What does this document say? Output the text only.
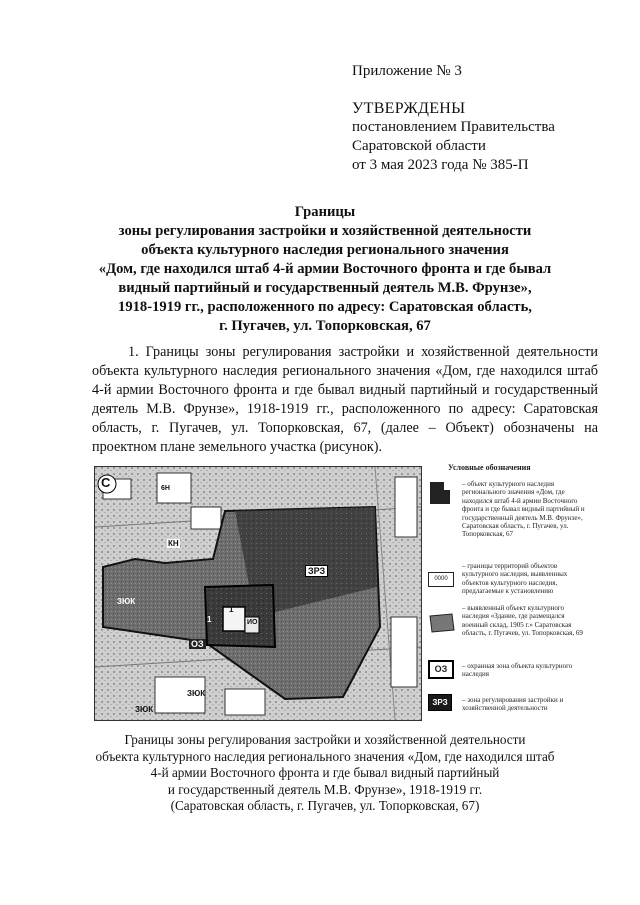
Приложение № 3
УТВЕРЖДЕНЫ
постановлением Правительства
Саратовской области
от 3 мая 2023 года № 385-П
Границы
зоны регулирования застройки и хозяйственной деятельности
объекта культурного наследия регионального значения
«Дом, где находился штаб 4-й армии Восточного фронта и где бывал
видный партийный и государственный деятель М.В. Фрунзе»,
1918-1919 гг., расположенного по адресу: Саратовская область,
г. Пугачев, ул. Топорковская, 67
1. Границы зоны регулирования застройки и хозяйственной деятельности объекта культурного наследия регионального значения «Дом, где находился штаб 4-й армии Восточного фронта и где бывал видный партийный и государственный деятель М.В. Фрунзе», 1918-1919 гг., расположенного по адресу: Саратовская область, г. Пугачев, ул. Топорковская, 67, (далее – Объект) обозначены на проектном плане земельного участка (рисунок).
С
ЗРЗ
ОЗ
КН
ЗЮК
ЗЮК
ЗЮК
1
1	ИО
6Н
Условные обозначения
– объект культурного наследия регионального значения «Дом, где находился штаб 4-й армии Восточного фронта и где бывал видный партийный и государственный деятель М.В. Фрунзе», Саратовская область, г. Пугачев, ул. Топорковская, 67
0000
– границы территорий объектов культурного наследия, выявленных объектов культурного наследия, предлагаемые к установлению
– выявленный объект культурного наследия «Здание, где размещался военный склад, 1905 г.» Саратовская область, г. Пугачев, ул. Топорковская, 69
ОЗ	– охранная зона объекта культурного наследия
ЗРЗ	– зона регулирования застройки и хозяйственной деятельности
Границы зоны регулирования застройки и хозяйственной деятельности
объекта культурного наследия регионального значения «Дом, где находился штаб
4-й армии Восточного фронта и где бывал видный партийный
и государственный деятель М.В. Фрунзе», 1918-1919 гг.
(Саратовская область, г. Пугачев, ул. Топорковская, 67)
